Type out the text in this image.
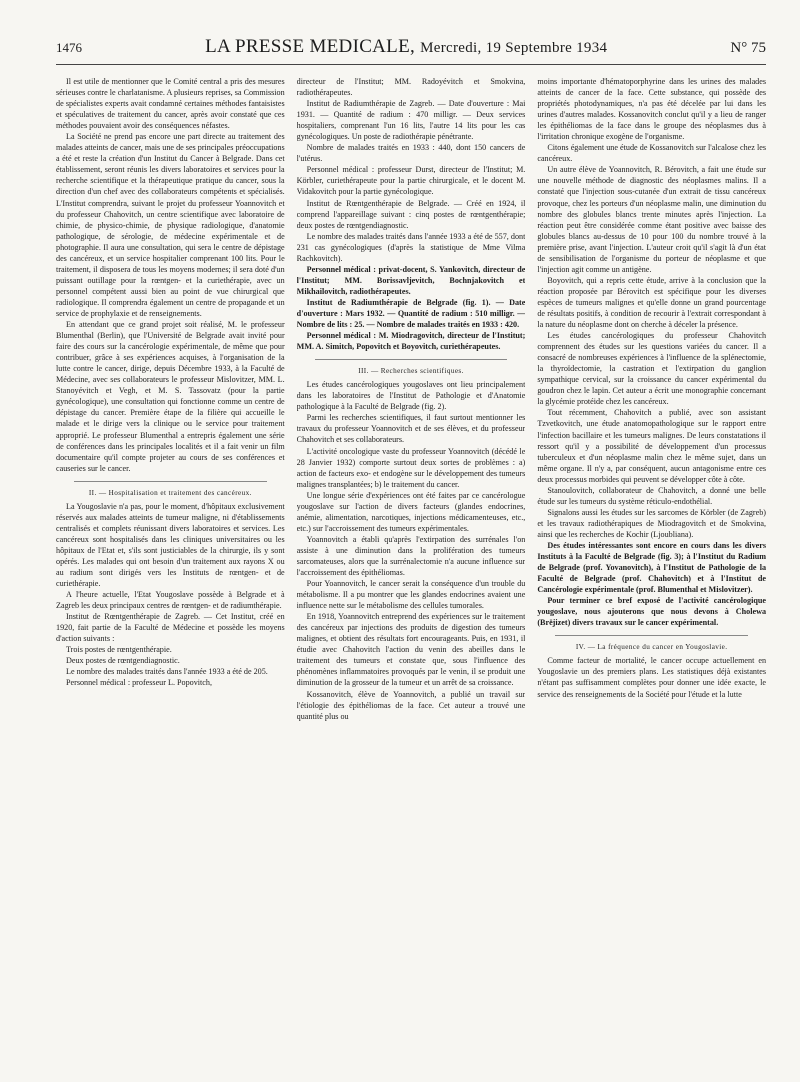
1476	LA PRESSE MEDICALE, Mercredi, 19 Septembre 1934	N° 75

Il est utile de mentionner que le Comité central a pris des mesures sérieuses contre le charlatanisme. A plusieurs reprises, sa Commission de spécialistes experts avait condamné certaines méthodes fantaisistes et spéculatives de traitement du cancer, après avoir constaté que ces méthodes pouvaient avoir des conséquences néfastes.

La Société ne prend pas encore une part directe au traitement des malades atteints de cancer, mais une de ses principales préoccupations a été et reste la création d'un Institut du Cancer à Belgrade. Dans cet établissement, seront réunis les divers laboratoires et services pour la recherche scientifique et la thérapeutique pratique du cancer, sous la direction d'un chef avec des collaborateurs compétents et spécialisés. L'Institut comprendra, suivant le projet du professeur Yoannovitch et du professeur Chahovitch, un centre scientifique avec laboratoire de chimie, de physico-chimie, de physique radiologique, d'anatomie pathologique, de sérologie, de médecine expérimentale et de photographie. Il aura une consultation, qui sera le centre de dépistage des cancéreux, et un service hospitalier comprenant 100 lits. Pour le traitement, il disposera de tous les moyens modernes; il sera doté d'un puissant outillage pour la rœntgen- et la curiethérapie, avec un personnel compétent aussi bien au point de vue chirurgical que radiologique. Il comprendra également un centre de propagande et un service de prophylaxie et de renseignements.

En attendant que ce grand projet soit réalisé, M. le professeur Blumenthal (Berlin), que l'Université de Belgrade avait invité pour faire des cours sur la cancérologie expérimentale, de même que pour contribuer, grâce à ses expériences acquises, à l'organisation de la lutte contre le cancer, dirige, depuis Décembre 1933, à la Faculté de Médecine, avec ses collaborateurs le professeur Mislovitzer, MM. L. Stanoyévitch et Vegh, et M. S. Tassovatz (pour la partie gynécologique), une consultation qui fonctionne comme un centre de dépistage du cancer. Première étape de la filière qui accueille le malade et le dirige vers la clinique ou le service pour traitement approprié. Le professeur Blumenthal a entrepris également une série de conférences dans les principales localités et il a fait venir un film documentaire qu'il compte projeter au cours de ses conférences et causeries sur le cancer.

II. — Hospitalisation et traitement des cancéreux.

La Yougoslavie n'a pas, pour le moment, d'hôpitaux exclusivement réservés aux malades atteints de tumeur maligne, ni d'établissements centralisés et complets réunissant divers laboratoires et services. Les cancéreux sont hospitalisés dans les cliniques universitaires ou les hôpitaux de l'Etat et, s'ils sont justiciables de la chirurgie, ils y sont opérés. Les malades qui ont besoin d'un traitement aux rayons X ou au radium sont dirigés vers les Instituts de rœntgen- et de curiethérapie.

A l'heure actuelle, l'Etat Yougoslave possède à Belgrade et à Zagreb les deux principaux centres de rœntgen- et de radiumthérapie.

Institut de Rœntgenthérapie de Zagreb. — Cet Institut, créé en 1920, fait partie de la Faculté de Médecine et possède les moyens d'action suivants :

Trois postes de rœntgenthérapie.

Deux postes de rœntgendiagnostic.

Le nombre des malades traités dans l'année 1933 a été de 205.

Personnel médical : professeur L. Popovitch,

directeur de l'Institut; MM. Radoyévitch et Smokvina, radiothérapeutes.

Institut de Radiumthérapie de Zagreb. — Date d'ouverture : Mai 1931. — Quantité de radium : 470 milligr. — Deux services hospitaliers, comprenant l'un 16 lits, l'autre 14 lits pour les cas gynécologiques. Un poste de radiothérapie pénétrante.

Nombre de malades traités en 1933 : 440, dont 150 cancers de l'utérus.

Personnel médical : professeur Durst, directeur de l'Institut; M. Körbler, curiethérapeute pour la partie chirurgicale, et le docent M. Vidakovitch pour la partie gynécologique.

Institut de Rœntgenthérapie de Belgrade. — Créé en 1924, il comprend l'appareillage suivant : cinq postes de rœntgenthérapie; deux postes de rœntgendiagnostic.

Le nombre des malades traités dans l'année 1933 a été de 557, dont 231 cas gynécologiques (d'après la statistique de Mme Vilma Rachkovitch).

Personnel médical : privat-docent, S. Yankovitch, directeur de l'Institut; MM. Borissavljevitch, Bochnjakovitch et Mikhailovitch, radiothérapeutes.

Institut de Radiumthérapie de Belgrade (fig. 1). — Date d'ouverture : Mars 1932. — Quantité de radium : 510 milligr. — Nombre de lits : 25. — Nombre de malades traités en 1933 : 420.

Personnel médical : M. Miodragovitch, directeur de l'Institut; MM. A. Simitch, Popovitch et Boyovitch, curiethérapeutes.

III. — Recherches scientifiques.

Les études cancérologiques yougoslaves ont lieu principalement dans les laboratoires de l'Institut de Pathologie et d'Anatomie pathologique à la Faculté de Belgrade (fig. 2).

Parmi les recherches scientifiques, il faut surtout mentionner les travaux du professeur Yoannovitch et de ses élèves, et du professeur Chahovitch et ses collaborateurs.

L'activité oncologique vaste du professeur Yoannovitch (décédé le 28 Janvier 1932) comporte surtout deux sortes de problèmes : a) action de facteurs exo- et endogène sur le développement des tumeurs malignes transplantées; b) le traitement du cancer.

Une longue série d'expériences ont été faites par ce cancérologue yougoslave sur l'action de divers facteurs (glandes endocrines, anémie, alimentation, narcotiques, injections médicamenteuses, etc., etc.) sur l'accroissement des tumeurs expérimentales.

Yoannovitch a établi qu'après l'extirpation des surrénales l'on assiste à une diminution dans la prolifération des tumeurs sarcomateuses, alors que la surrénalectomie n'a aucune influence sur l'accroissement des épithéliomas.

Pour Yoannovitch, le cancer serait la conséquence d'un trouble du métabolisme. Il a pu montrer que les glandes endocrines avaient une influence nette sur le métabolisme des cellules tumorales.

En 1918, Yoannovitch entreprend des expériences sur le traitement des cancéreux par injections des produits de digestion des tumeurs malignes, et obtient des résultats fort encourageants. Puis, en 1931, il étudie avec Chahovitch l'action du venin des abeilles dans le traitement des tumeurs et constate que, sous l'influence des phénomènes inflammatoires provoqués par le venin, il se produit une diminution de la grosseur de la tumeur et un arrêt de sa croissance.

Kossanovitch, élève de Yoannovitch, a publié un travail sur l'étiologie des épithéliomas de la face. Cet auteur a trouvé une quantité plus ou

moins importante d'hématoporphyrine dans les urines des malades atteints de cancer de la face. Cette substance, qui possède des propriétés photodynamiques, n'a pas été décelée par lui dans les urines d'autres malades. Kossanovitch conclut qu'il y a lieu de ranger les épithéliomas de la face dans le groupe des néoplasmes dus à l'irritation chronique exogène de l'organisme.

Citons également une étude de Kossanovitch sur l'alcalose chez les cancéreux.

Un autre élève de Yoannovitch, R. Bérovitch, a fait une étude sur une nouvelle méthode de diagnostic des néoplasmes malins. Il a constaté que l'injection sous-cutanée d'un extrait de tissu cancéreux provoque, chez les porteurs d'un néoplasme malin, une diminution du nombre des globules blancs trente minutes après l'injection. La réaction peut être considérée comme étant positive avec baisse des globules blancs au-dessus de 10 pour 100 du nombre trouvé à la première prise, avant l'injection. L'auteur croit qu'il s'agit là d'un état de sensibilisation de l'organisme du porteur de néoplasme et que l'injection agit comme un antigène.

Boyovitch, qui a repris cette étude, arrive à la conclusion que la réaction proposée par Bérovitch est spécifique pour les diverses espèces de tumeurs malignes et qu'elle donne un grand pourcentage de résultats positifs, à condition de recourir à l'extrait correspondant à la nature du néoplasme dont on cherche à déceler la présence.

Les études cancérologiques du professeur Chahovitch comprennent des études sur les questions variées du cancer. Il a consacré de nombreuses expériences à l'influence de la splénectomie, la thyroïdectomie, la castration et l'extirpation du ganglion sympathique cervical, sur la croissance du cancer expérimental du goudron chez le lapin. Cet auteur a écrit une monographie concernant la glycémie protéide chez les cancéreux.

Tout récemment, Chahovitch a publié, avec son assistant Tzvetkovitch, une étude anatomopathologique sur le rapport entre l'infection bacillaire et les tumeurs malignes. De leurs constatations il ressort qu'il y a possibilité de développement d'un processus tuberculeux et d'un néoplasme malin chez le même sujet, dans un même organe. Il n'y a, par conséquent, aucun antagonisme entre ces deux processus morbides qui peuvent se développer côte à côte.

Stanoulovitch, collaborateur de Chahovitch, a donné une belle étude sur les tumeurs du système réticulo-endothélial.

Signalons aussi les études sur les sarcomes de Körbler (de Zagreb) et les travaux radiothérapiques de Miodragovitch et de Smokvina, ainsi que les recherches de Kochir (Ljoubliana).

Des études intéressantes sont encore en cours dans les divers Instituts à la Faculté de Belgrade (fig. 3); à l'Institut du Radium de Belgrade (prof. Yovanovitch), à l'Institut de Pathologie de la Faculté de Belgrade (prof. Chahovitch) et à l'Institut de Cancérologie expérimentale (prof. Blumenthal et Mislovitzer).

Pour terminer ce bref exposé de l'activité cancérologique yougoslave, nous ajouterons que nous devons à Cholewa (Brëjizet) divers travaux sur le cancer expérimental.

IV. — La fréquence du cancer en Yougoslavie.

Comme facteur de mortalité, le cancer occupe actuellement en Yougoslavie un des premiers plans. Les statistiques déjà existantes n'étant pas suffisamment complètes pour donner une idée exacte, le service des renseignements de la Société pour l'étude et la lutte
